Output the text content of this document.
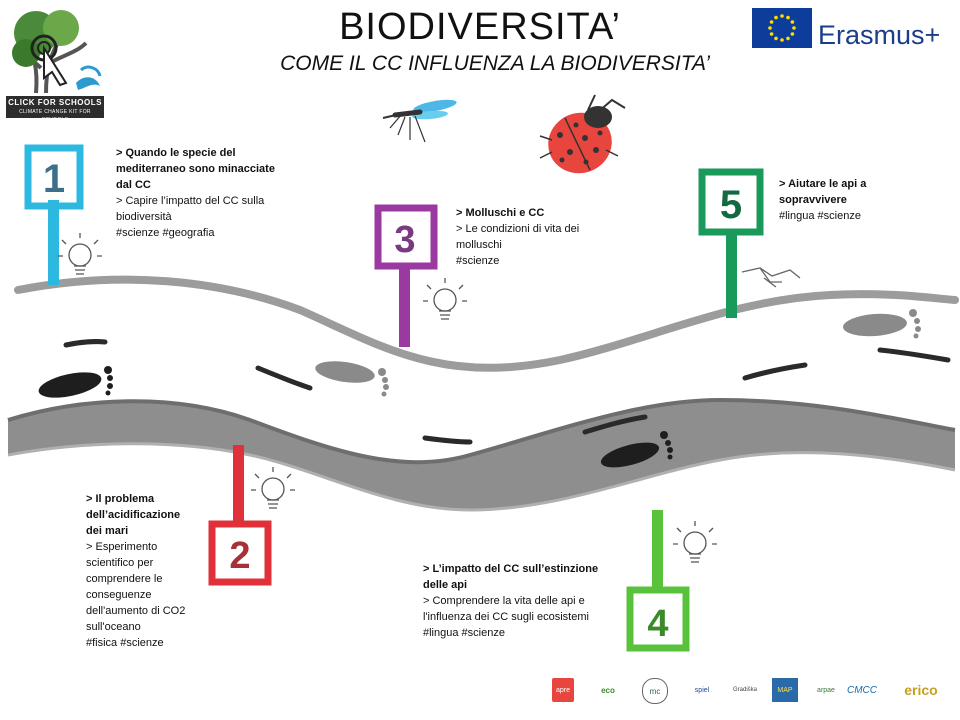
BIODIVERSITA’
COME IL CC INFLUENZA LA BIODIVERSITA’
CLICK FOR SCHOOLS
CLIMATE CHANGE KIT FOR SCHOOLS
Erasmus+
1
3
5
2
4
> Quando le specie del
mediterraneo sono minacciate
dal CC
> Capire l’impatto del CC sulla
biodiversità
#scienze #geografia
> Molluschi e CC
> Le condizioni di vita dei
molluschi
#scienze
> Aiutare le api a
sopravvivere
#lingua #scienze
> Il problema
dell’acidificazione
dei mari
> Esperimento
scientifico per
comprendere le
conseguenze
dell'aumento di CO2
sull'oceano
#fisica #scienze
> L’impatto del CC sull’estinzione
delle api
> Comprendere la vita delle api e
l'influenza dei CC sugli ecosistemi
#lingua #scienze
apre	eco	mc	spiel	Gradiška	MAP	arpae	CMCC	erico
